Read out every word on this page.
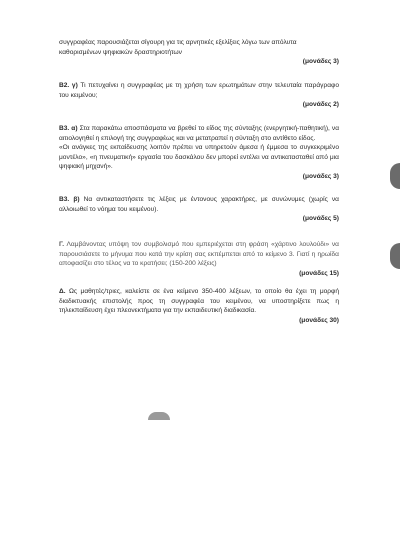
συγγραφέας παρουσιάζεται σίγουρη για τις αρνητικές εξελίξεις λόγω των απόλυτα
καθορισμένων ψηφιακών δραστηριοτήτων

(μονάδες 3)

Β2. γ) Τι πετυχαίνει η συγγραφέας με τη χρήση των ερωτημάτων στην τελευταία παράγραφο του κειμένου;

(μονάδες 2)

Β3. α) Στα παρακάτω αποσπάσματα να βρεθεί το είδος της σύνταξης (ενεργητική-παθητική), να αιτιολογηθεί η επιλογή της συγγραφέως και να μετατραπεί η σύνταξη στο αντίθετο είδος.

«Οι ανάγκες της εκπαίδευσης λοιπόν πρέπει να υπηρετούν άμεσα ή έμμεσα το συγκεκριμένο μοντέλο», «η πνευματική» εργασία του δασκάλου δεν μπορεί εντέλει να αντικατασταθεί από μια ψηφιακή μηχανή».

(μονάδες 3)

Β3. β) Να αντικαταστήσετε τις λέξεις με έντονους χαρακτήρες, με συνώνυμες (χωρίς να αλλοιωθεί το νόημα του κειμένου).

(μονάδες 5)

Γ. Λαμβάνοντας υπόψη τον συμβολισμό που εμπεριέχεται στη φράση «χάρτινο λουλούδι» να παρουσιάσετε το μήνυμα που κατά την κρίση σας εκπέμπεται από το κείμενο 3. Γιατί η ηρωίδα αποφασίζει στο τέλος να το κρατήσει; (150-200 λέξεις)

(μονάδες 15)

Δ. Ως μαθητές/τριες, καλείστε σε ένα κείμενο 350-400 λέξεων, το οποίο θα έχει τη μορφή διαδικτυακής επιστολής προς τη συγγραφέα του κειμένου, να υποστηρίξετε πως η τηλεκπαίδευση έχει πλεονεκτήματα για την εκπαιδευτική διαδικασία.

(μονάδες 30)
